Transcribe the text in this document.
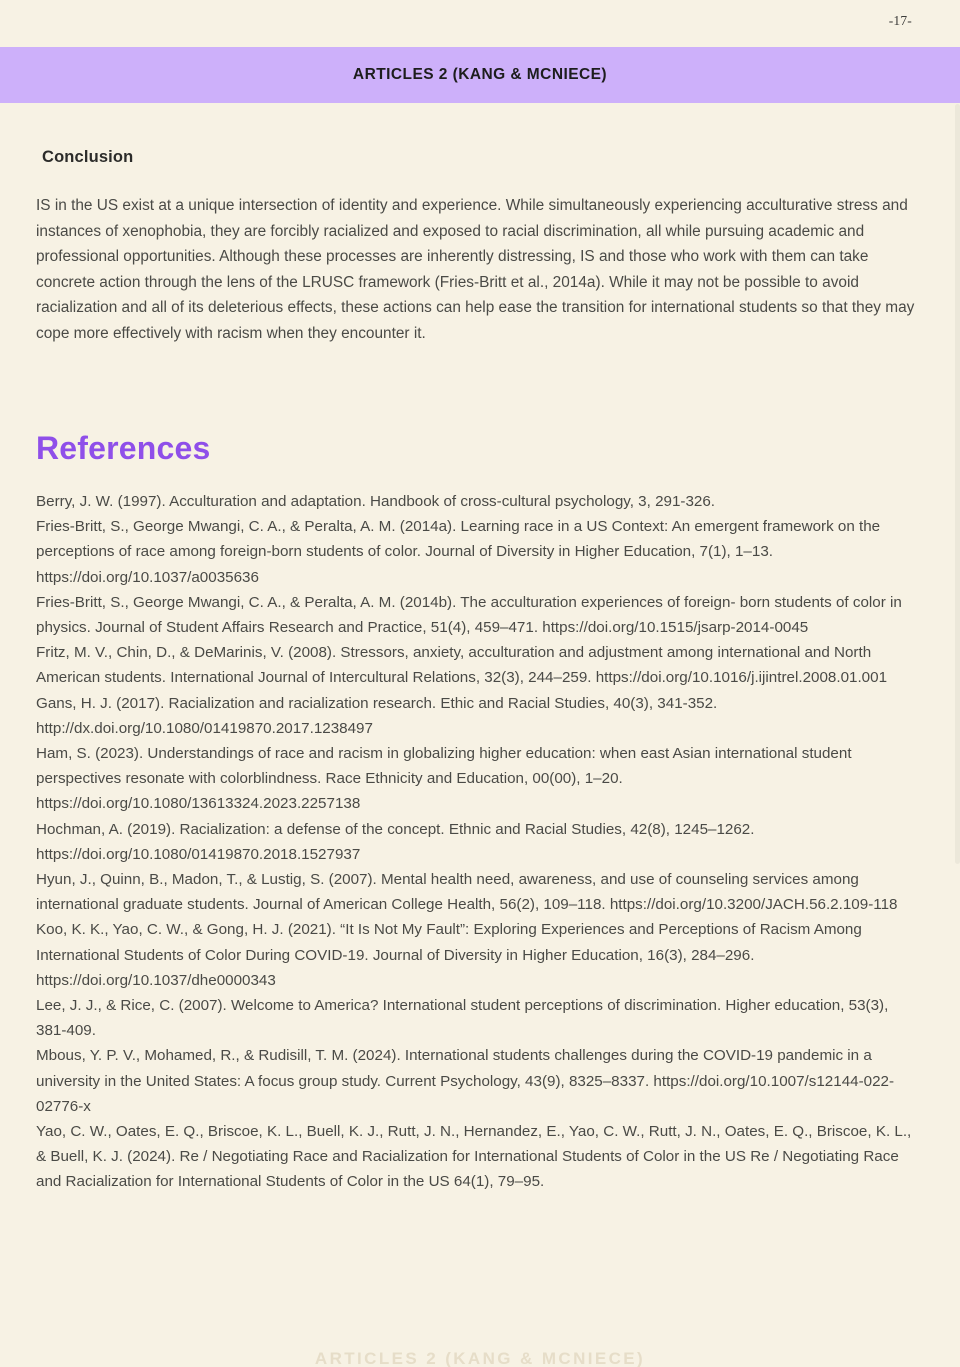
-17-
ARTICLES 2 (KANG & MCNIECE)
Conclusion

IS in the US exist at a unique intersection of identity and experience. While simultaneously experiencing acculturative stress and instances of xenophobia, they are forcibly racialized and exposed to racial discrimination, all while pursuing academic and professional opportunities. Although these processes are inherently distressing, IS and those who work with them can take concrete action through the lens of the LRUSC framework (Fries-Britt et al., 2014a). While it may not be possible to avoid racialization and all of its deleterious effects, these actions can help ease the transition for international students so that they may cope more effectively with racism when they encounter it.

References
Berry, J. W. (1997). Acculturation and adaptation. Handbook of cross-cultural psychology, 3, 291-326.
Fries-Britt, S., George Mwangi, C. A., & Peralta, A. M. (2014a). Learning race in a US Context: An emergent framework on the perceptions of race among foreign-born students of color. Journal of Diversity in Higher Education, 7(1), 1–13. https://doi.org/10.1037/a0035636
Fries-Britt, S., George Mwangi, C. A., & Peralta, A. M. (2014b). The acculturation experiences of foreign- born students of color in physics. Journal of Student Affairs Research and Practice, 51(4), 459–471. https://doi.org/10.1515/jsarp-2014-0045
Fritz, M. V., Chin, D., & DeMarinis, V. (2008). Stressors, anxiety, acculturation and adjustment among international and North American students. International Journal of Intercultural Relations, 32(3), 244–259. https://doi.org/10.1016/j.ijintrel.2008.01.001
Gans, H. J. (2017). Racialization and racialization research. Ethic and Racial Studies, 40(3), 341-352. http://dx.doi.org/10.1080/01419870.2017.1238497
Ham, S. (2023). Understandings of race and racism in globalizing higher education: when east Asian international student perspectives resonate with colorblindness. Race Ethnicity and Education, 00(00), 1–20. https://doi.org/10.1080/13613324.2023.2257138
Hochman, A. (2019). Racialization: a defense of the concept. Ethnic and Racial Studies, 42(8), 1245–1262. https://doi.org/10.1080/01419870.2018.1527937
Hyun, J., Quinn, B., Madon, T., & Lustig, S. (2007). Mental health need, awareness, and use of counseling services among international graduate students. Journal of American College Health, 56(2), 109–118. https://doi.org/10.3200/JACH.56.2.109-118
Koo, K. K., Yao, C. W., & Gong, H. J. (2021). “It Is Not My Fault”: Exploring Experiences and Perceptions of Racism Among International Students of Color During COVID-19. Journal of Diversity in Higher Education, 16(3), 284–296. https://doi.org/10.1037/dhe0000343
Lee, J. J., & Rice, C. (2007). Welcome to America? International student perceptions of discrimination. Higher education, 53(3), 381-409.
Mbous, Y. P. V., Mohamed, R., & Rudisill, T. M. (2024). International students challenges during the COVID-19 pandemic in a university in the United States: A focus group study. Current Psychology, 43(9), 8325–8337. https://doi.org/10.1007/s12144-022-02776-x
Yao, C. W., Oates, E. Q., Briscoe, K. L., Buell, K. J., Rutt, J. N., Hernandez, E., Yao, C. W., Rutt, J. N., Oates, E. Q., Briscoe, K. L., & Buell, K. J. (2024). Re / Negotiating Race and Racialization for International Students of Color in the US Re / Negotiating Race and Racialization for International Students of Color in the US 64(1), 79–95.
ARTICLES 2 (KANG & MCNIECE)
